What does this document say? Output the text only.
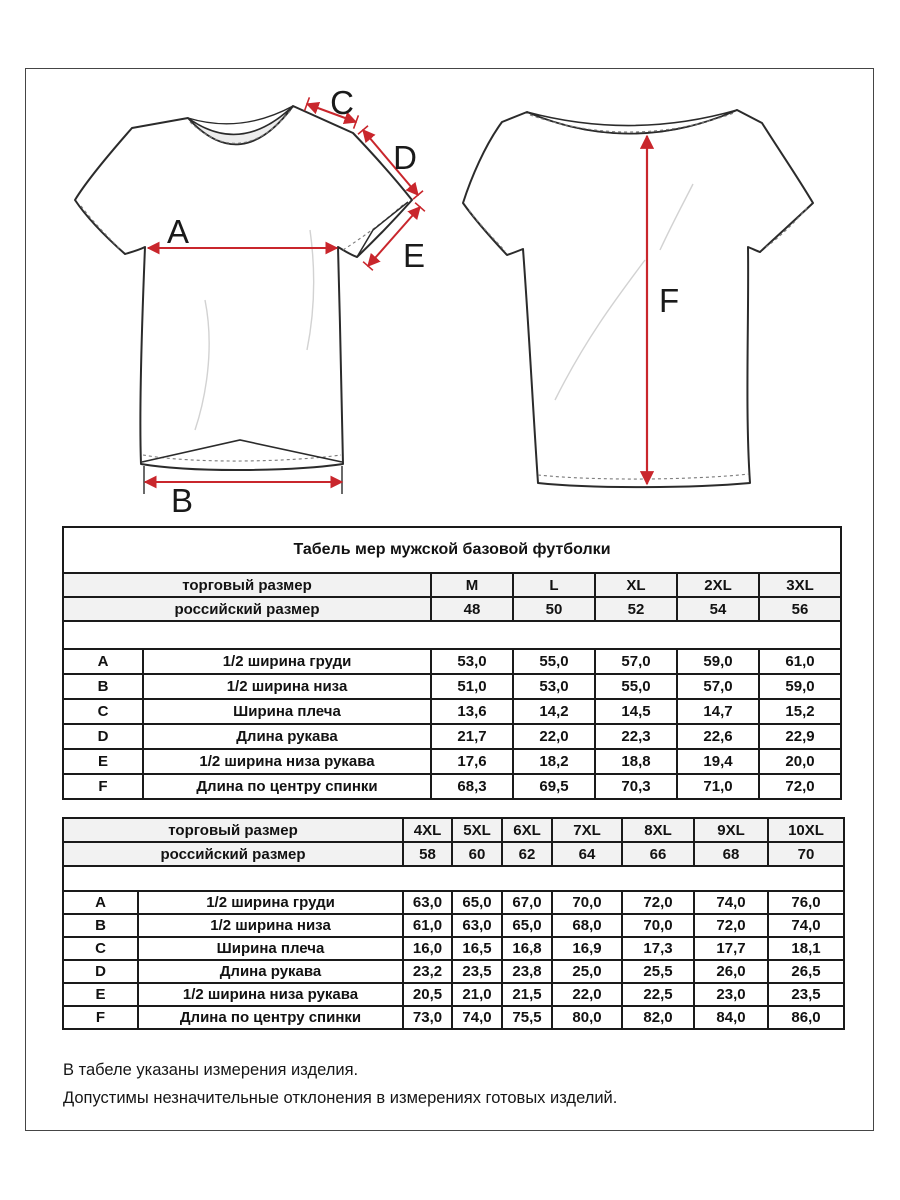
A
B
C
D
E
F
Табель мер мужской базовой футболки						
торговый размер		M	L	XL	2XL	3XL
российский размер		48	50	52	54	56

A	1/2 ширина груди	53,0	55,0	57,0	59,0	61,0
B	1/2 ширина низа	51,0	53,0	55,0	57,0	59,0
C	Ширина плеча	13,6	14,2	14,5	14,7	15,2
D	Длина рукава	21,7	22,0	22,3	22,6	22,9
E	1/2 ширина низа рукава	17,6	18,2	18,8	19,4	20,0
F	Длина по центру спинки	68,3	69,5	70,3	71,0	72,0
торговый размер		4XL	5XL	6XL	7XL	8XL	9XL	10XL
российский размер		58	60	62	64	66	68	70

A	1/2 ширина груди	63,0	65,0	67,0	70,0	72,0	74,0	76,0
B	1/2 ширина низа	61,0	63,0	65,0	68,0	70,0	72,0	74,0
C	Ширина плеча	16,0	16,5	16,8	16,9	17,3	17,7	18,1
D	Длина рукава	23,2	23,5	23,8	25,0	25,5	26,0	26,5
E	1/2 ширина низа рукава	20,5	21,0	21,5	22,0	22,5	23,0	23,5
F	Длина по центру спинки	73,0	74,0	75,5	80,0	82,0	84,0	86,0
В табеле указаны измерения изделия.
Допустимы незначительные отклонения в измерениях готовых изделий.
